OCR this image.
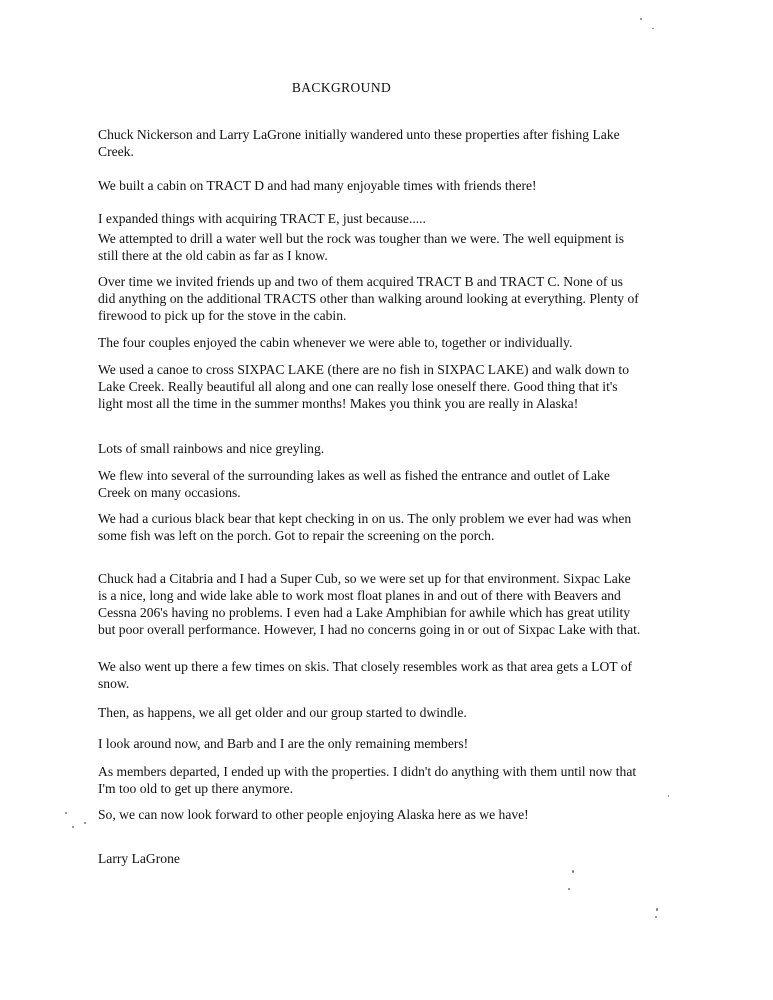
BACKGROUND

Chuck Nickerson and Larry LaGrone initially wandered unto these properties after fishing Lake Creek.

We built a cabin on TRACT D and had many enjoyable times with friends there!

I expanded things with acquiring TRACT E, just because.....

We attempted to drill a water well but the rock was tougher than we were. The well equipment is still there at the old cabin as far as I know.

Over time we invited friends up and two of them acquired TRACT B and TRACT C. None of us did anything on the additional TRACTS other than walking around looking at everything. Plenty of firewood to pick up for the stove in the cabin.

The four couples enjoyed the cabin whenever we were able to, together or individually.

We used a canoe to cross SIXPAC LAKE (there are no fish in SIXPAC LAKE) and walk down to Lake Creek. Really beautiful all along and one can really lose oneself there. Good thing that it's light most all the time in the summer months! Makes you think you are really in Alaska!

Lots of small rainbows and nice greyling.

We flew into several of the surrounding lakes as well as fished the entrance and outlet of Lake Creek on many occasions.

We had a curious black bear that kept checking in on us. The only problem we ever had was when some fish was left on the porch. Got to repair the screening on the porch.

Chuck had a Citabria and I had a Super Cub, so we were set up for that environment. Sixpac Lake is a nice, long and wide lake able to work most float planes in and out of there with Beavers and Cessna 206's having no problems. I even had a Lake Amphibian for awhile which has great utility but poor overall performance. However, I had no concerns going in or out of Sixpac Lake with that.

We also went up there a few times on skis. That closely resembles work as that area gets a LOT of snow.

Then, as happens, we all get older and our group started to dwindle.

I look around now, and Barb and I are the only remaining members!

As members departed, I ended up with the properties. I didn't do anything with them until now that I'm too old to get up there anymore.

So, we can now look forward to other people enjoying Alaska here as we have!

Larry LaGrone
